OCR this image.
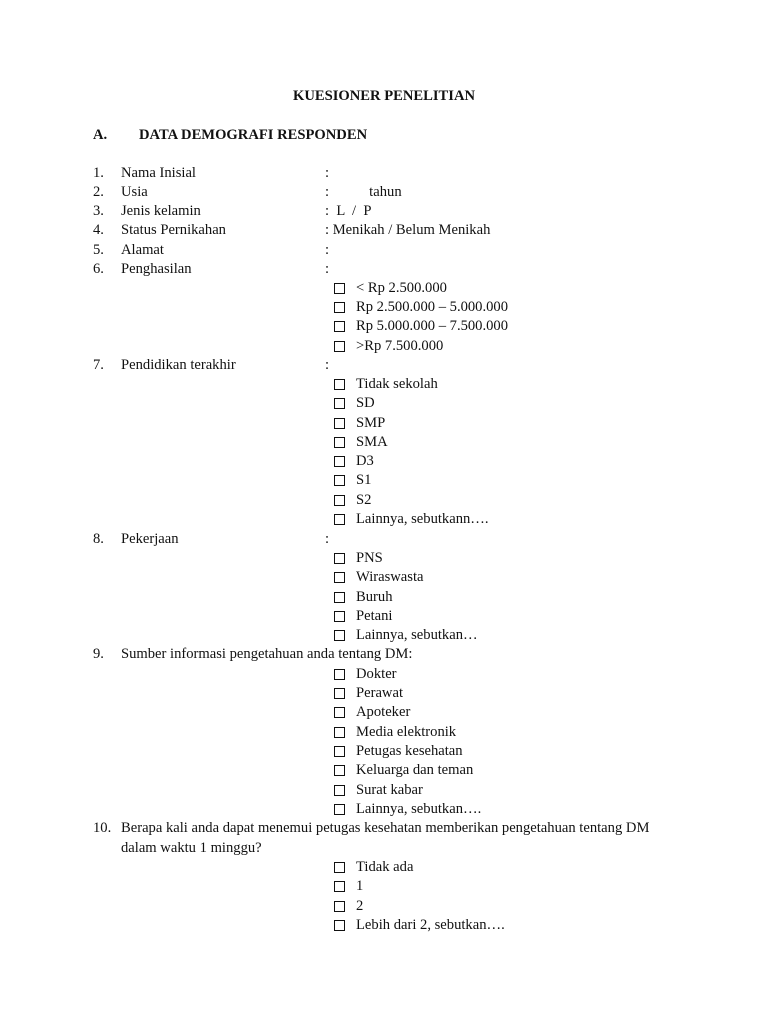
KUESIONER PENELITIAN
A. DATA DEMOGRAFI RESPONDEN
1. Nama Inisial	:
2. Usia	:           tahun
3. Jenis kelamin	:  L  /  P
4. Status Pernikahan	: Menikah / Belum Menikah
5. Alamat	:
6. Penghasilan	:
< Rp 2.500.000
Rp 2.500.000 – 5.000.000
Rp 5.000.000 – 7.500.000
>Rp 7.500.000
7. Pendidikan terakhir	:
Tidak sekolah
SD
SMP
SMA
D3
S1
S2
Lainnya, sebutkann….
8. Pekerjaan	:
PNS
Wiraswasta
Buruh
Petani
Lainnya, sebutkan…
9. Sumber informasi pengetahuan anda tentang DM:
Dokter
Perawat
Apoteker
Media elektronik
Petugas kesehatan
Keluarga dan teman
Surat kabar
Lainnya, sebutkan….
10. Berapa kali anda dapat menemui petugas kesehatan memberikan pengetahuan tentang DM
dalam waktu 1 minggu?
Tidak ada
1
2
Lebih dari 2, sebutkan….
